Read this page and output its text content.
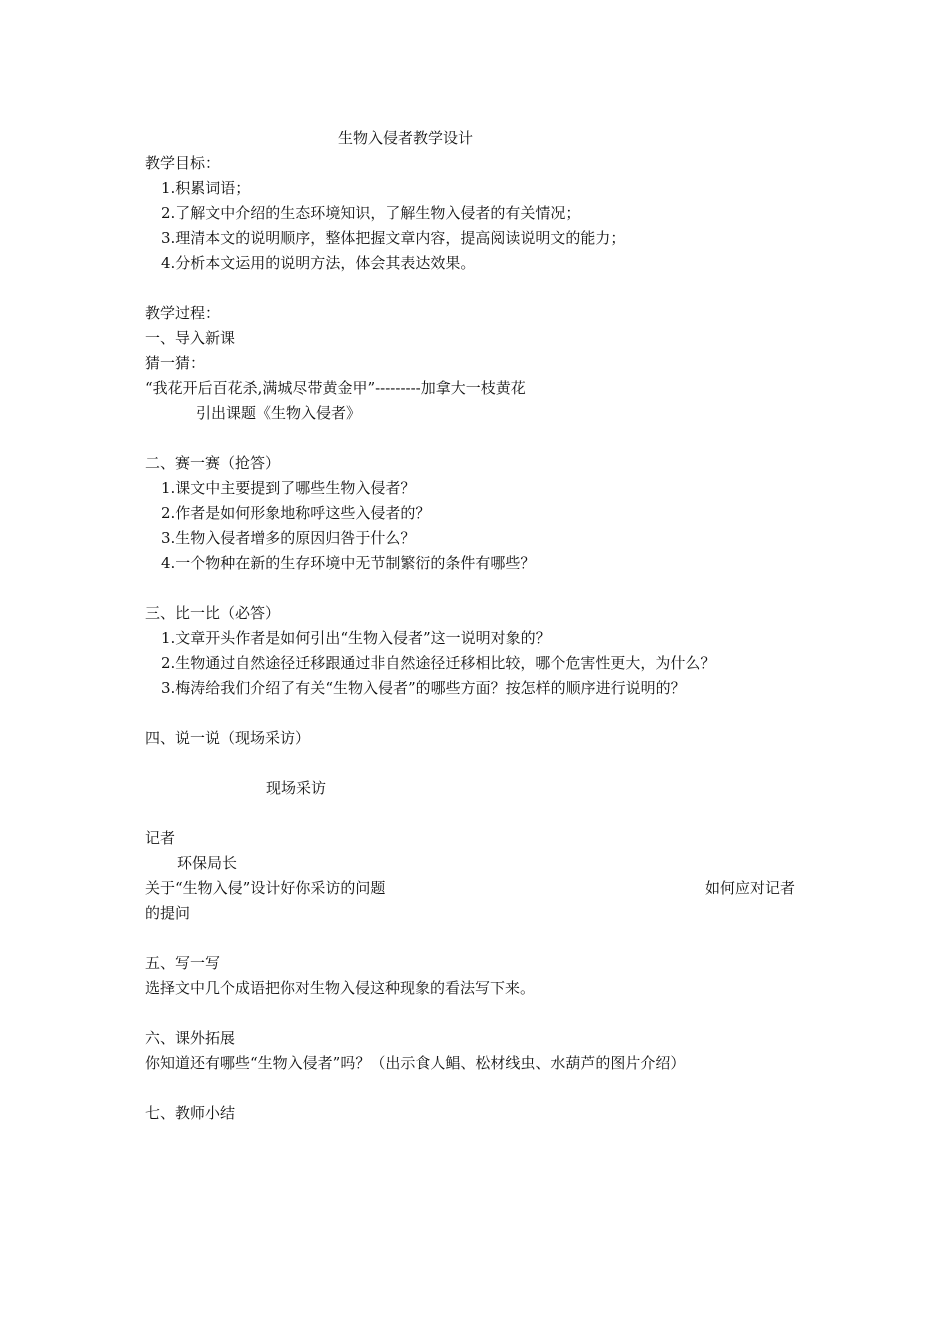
生物入侵者教学设计
教学目标：
1.积累词语；
2.了解文中介绍的生态环境知识，了解生物入侵者的有关情况；
3.理清本文的说明顺序，整体把握文章内容，提高阅读说明文的能力；
4.分析本文运用的说明方法，体会其表达效果。
教学过程：
一、导入新课
猜一猜：
“我花开后百花杀,满城尽带黄金甲”---------加拿大一枝黄花
引出课题《生物入侵者》
二、赛一赛（抢答）
1.课文中主要提到了哪些生物入侵者？
2.作者是如何形象地称呼这些入侵者的？
3.生物入侵者增多的原因归咎于什么？
4.一个物种在新的生存环境中无节制繁衍的条件有哪些？
三、比一比（必答）
1.文章开头作者是如何引出“生物入侵者”这一说明对象的？
2.生物通过自然途径迁移跟通过非自然途径迁移相比较，哪个危害性更大，为什么？
3.梅涛给我们介绍了有关“生物入侵者”的哪些方面？按怎样的顺序进行说明的？
四、说一说（现场采访）
现场采访
记者
环保局长
关于“生物入侵”设计好你采访的问题	如何应对记者
的提问
五、写一写
选择文中几个成语把你对生物入侵这种现象的看法写下来。
六、课外拓展
你知道还有哪些“生物入侵者”吗？（出示食人鲳、松材线虫、水葫芦的图片介绍）
七、教师小结
